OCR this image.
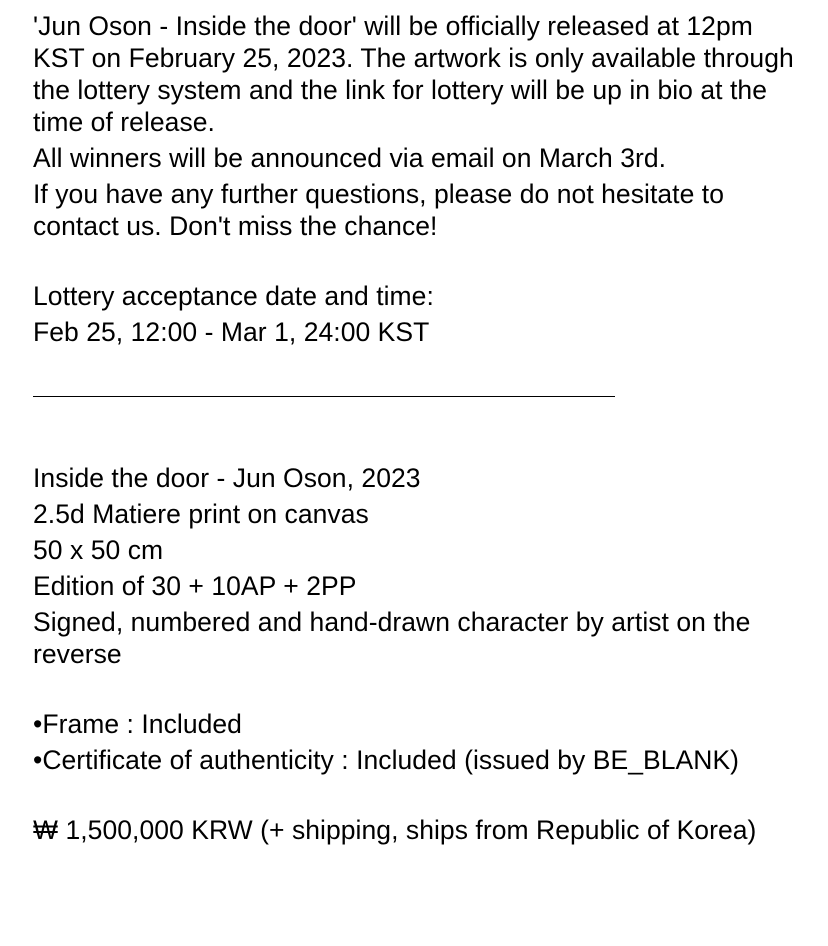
'Jun Oson - Inside the door' will be officially released at 12pm KST on February 25, 2023. The artwork is only available through the lottery system and the link for lottery will be up in bio at the time of release.

All winners will be announced via email on March 3rd.

If you have any further questions, please do not hesitate to contact us. Don't miss the chance!

Lottery acceptance date and time:

Feb 25, 12:00 - Mar 1, 24:00 KST

Inside the door - Jun Oson, 2023

2.5d Matiere print on canvas

50 x 50 cm

Edition of 30 + 10AP + 2PP

Signed, numbered and hand-drawn character by artist on the reverse

•Frame : Included

•Certificate of authenticity : Included (issued by BE_BLANK)

₩ 1,500,000 KRW (+ shipping, ships from Republic of Korea)
